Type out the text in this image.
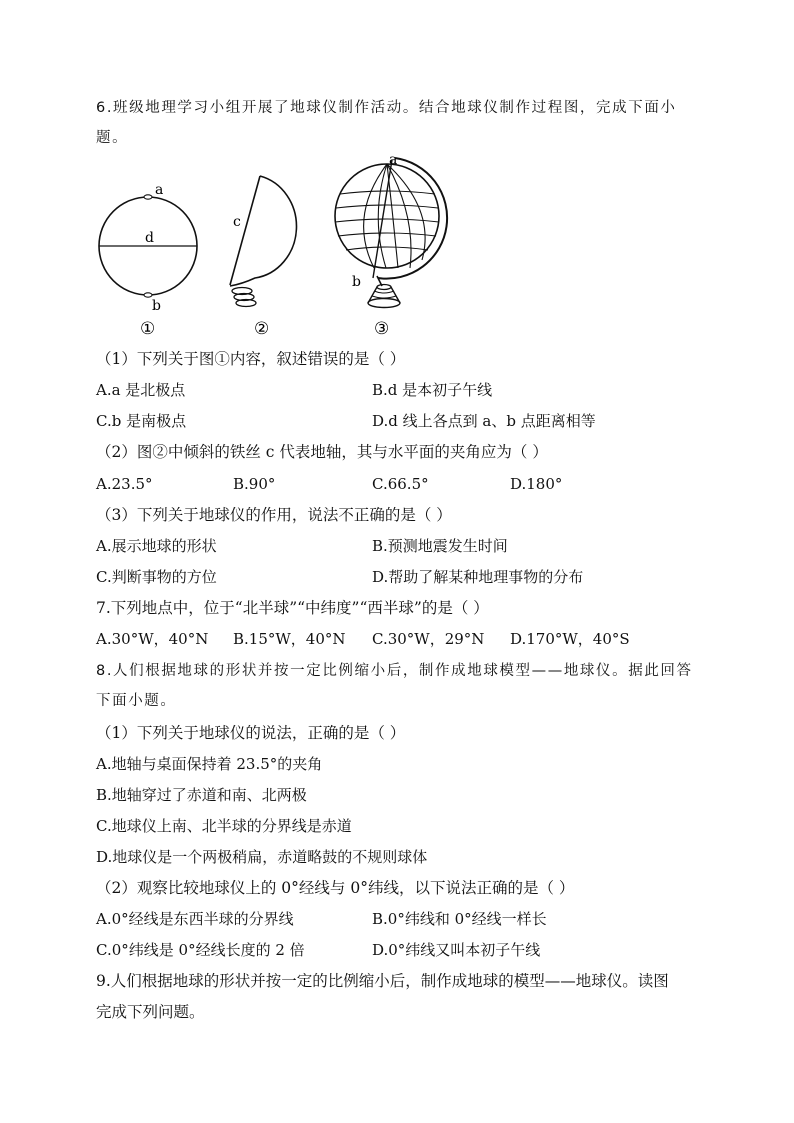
6.班级地理学习小组开展了地球仪制作活动。结合地球仪制作过程图，完成下面小
题。
a
d
b
c
a
b
①	②	③
（1）下列关于图①内容，叙述错误的是（ ）
A.a 是北极点	B.d 是本初子午线
C.b 是南极点	D.d 线上各点到 a、b 点距离相等
（2）图②中倾斜的铁丝 c 代表地轴，其与水平面的夹角应为（ ）
A.23.5°	B.90°	C.66.5°	D.180°
（3）下列关于地球仪的作用，说法不正确的是（ ）
A.展示地球的形状	B.预测地震发生时间
C.判断事物的方位	D.帮助了解某种地理事物的分布
7.下列地点中，位于“北半球”“中纬度”“西半球”的是（ ）
A.30°W，40°N B.15°W，40°N C.30°W，29°N D.170°W，40°S
8.人们根据地球的形状并按一定比例缩小后，制作成地球模型——地球仪。据此回答
下面小题。
（1）下列关于地球仪的说法，正确的是（ ）
A.地轴与桌面保持着 23.5°的夹角
B.地轴穿过了赤道和南、北两极
C.地球仪上南、北半球的分界线是赤道
D.地球仪是一个两极稍扁，赤道略鼓的不规则球体
（2）观察比较地球仪上的 0°经线与 0°纬线，以下说法正确的是（ ）
A.0°经线是东西半球的分界线	B.0°纬线和 0°经线一样长
C.0°纬线是 0°经线长度的 2 倍	D.0°纬线又叫本初子午线
9.人们根据地球的形状并按一定的比例缩小后，制作成地球的模型——地球仪。读图
完成下列问题。
